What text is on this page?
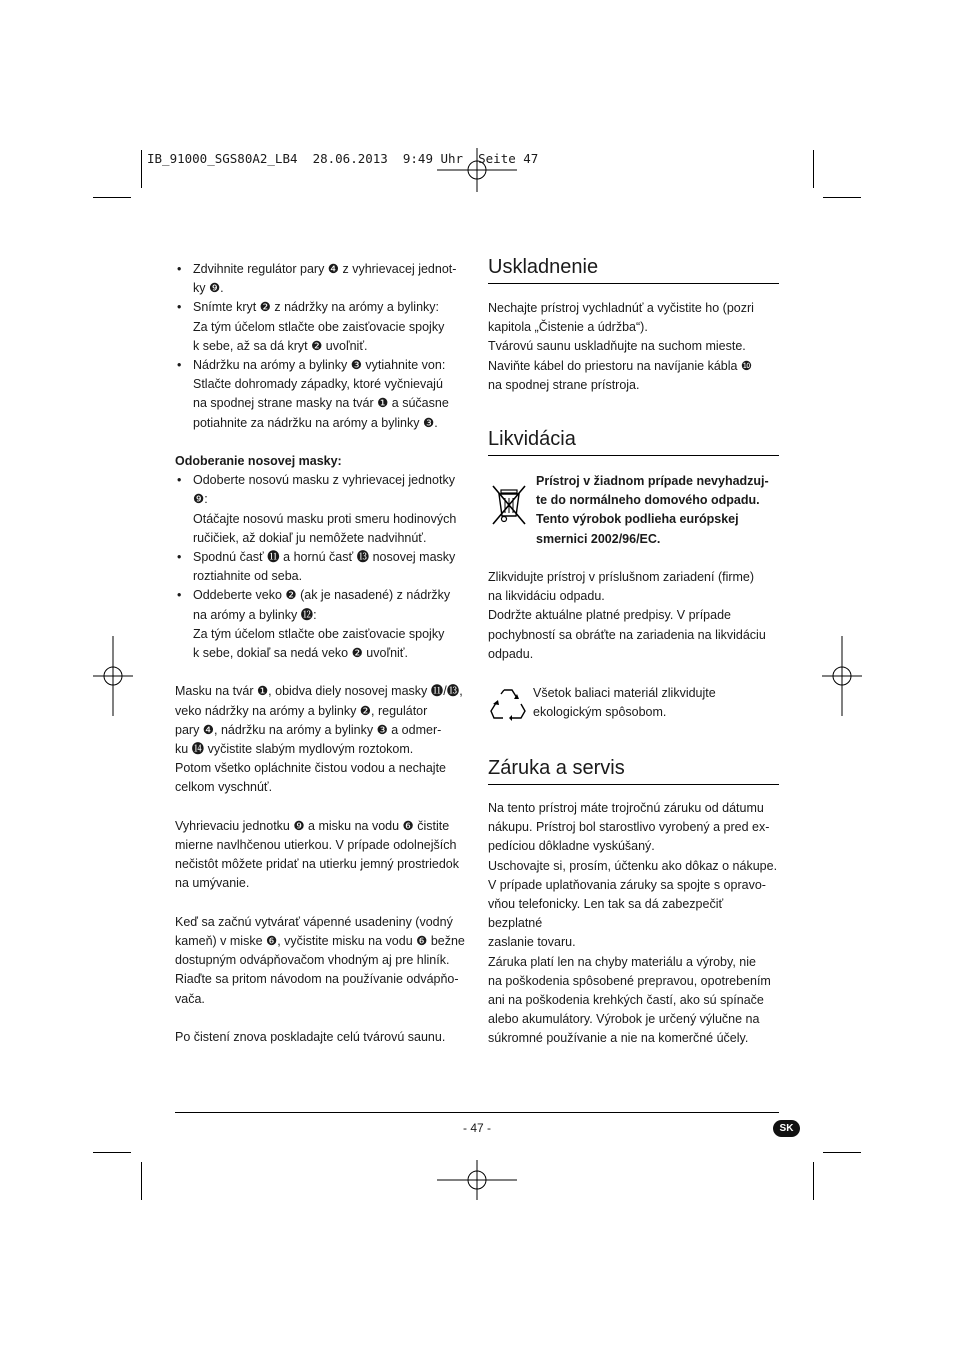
IB_91000_SGS80A2_LB4  28.06.2013  9:49 Uhr  Seite 47
• Zdvihnite regulátor pary ❹ z vyhrievacej jednot-
ky ❾.
• Snímte kryt ❷ z nádržky na arómy a bylinky:
Za tým účelom stlačte obe zaisťovacie spojky
k sebe, až sa dá kryt ❷ uvoľniť.
• Nádržku na arómy a bylinky ❸ vytiahnite von:
Stlačte dohromady západky, ktoré vyčnievajú
na spodnej strane masky na tvár ❶ a súčasne
potiahnite za nádržku na arómy a bylinky ❸.

Odoberanie nosovej masky:

• Odoberte nosovú masku z vyhrievacej jednotky ❾:
Otáčajte nosovú masku proti smeru hodinových
ručičiek, až dokiaľ ju nemôžete nadvihnúť.
• Spodnú časť ⓫ a hornú časť ⓭ nosovej masky
roztiahnite od seba.
• Oddeberte veko ❷ (ak je nasadené) z nádržky
na arómy a bylinky ⓬:
Za tým účelom stlačte obe zaisťovacie spojky
k sebe, dokiaľ sa nedá veko ❷ uvoľniť.

Masku na tvár ❶, obidva diely nosovej masky ⓫/⓭,

veko nádržky na arómy a bylinky ❷, regulátor

pary ❹, nádržku na arómy a bylinky ❸ a odmer-

ku ⓮ vyčistite slabým mydlovým roztokom.

Potom všetko opláchnite čistou vodou a nechajte

celkom vyschnúť.

Vyhrievaciu jednotku ❾ a misku na vodu ❻ čistite

mierne navlhčenou utierkou. V prípade odolnejších

nečistôt môžete pridať na utierku jemný prostriedok

na umývanie.

Keď sa začnú vytvárať vápenné usadeniny (vodný

kameň) v miske ❻, vyčistite misku na vodu ❻ bežne

dostupným odvápňovačom vhodným aj pre hliník.

Riaďte sa pritom návodom na používanie odvápňo-

vača.

Po čistení znova poskladajte celú tvárovú saunu.

Uskladnenie

Nechajte prístroj vychladnúť a vyčistite ho (pozri

kapitola „Čistenie a údržba“).

Tvárovú saunu uskladňujte na suchom mieste.

Naviňte kábel do priestoru na navíjanie kábla ❿

na spodnej strane prístroja.

Likvidácia

Prístroj v žiadnom prípade nevyhadzuj-

te do normálneho domového odpadu.

Tento výrobok podlieha európskej

smernici 2002/96/EC.

Zlikvidujte prístroj v príslušnom zariadení (firme)

na likvidáciu odpadu.

Dodržte aktuálne platné predpisy. V prípade

pochybností sa obráťte na zariadenia na likvidáciu

odpadu.

Všetok baliaci materiál zlikvidujte

ekologickým spôsobom.

Záruka a servis

Na tento prístroj máte trojročnú záruku od dátumu

nákupu. Prístroj bol starostlivo vyrobený a pred ex-

pedíciou dôkladne vyskúšaný.

Uschovajte si, prosím, účtenku ako dôkaz o nákupe.

V prípade uplatňovania záruky sa spojte s opravo-

vňou telefonicky. Len tak sa dá zabezpečiť bezplatné

zaslanie tovaru.

Záruka platí len na chyby materiálu a výroby, nie

na poškodenia spôsobené prepravou, opotrebením

ani na poškodenia krehkých častí, ako sú spínače

alebo akumulátory. Výrobok je určený výlučne na

súkromné používanie a nie na komerčné účely.

- 47 -	SK
